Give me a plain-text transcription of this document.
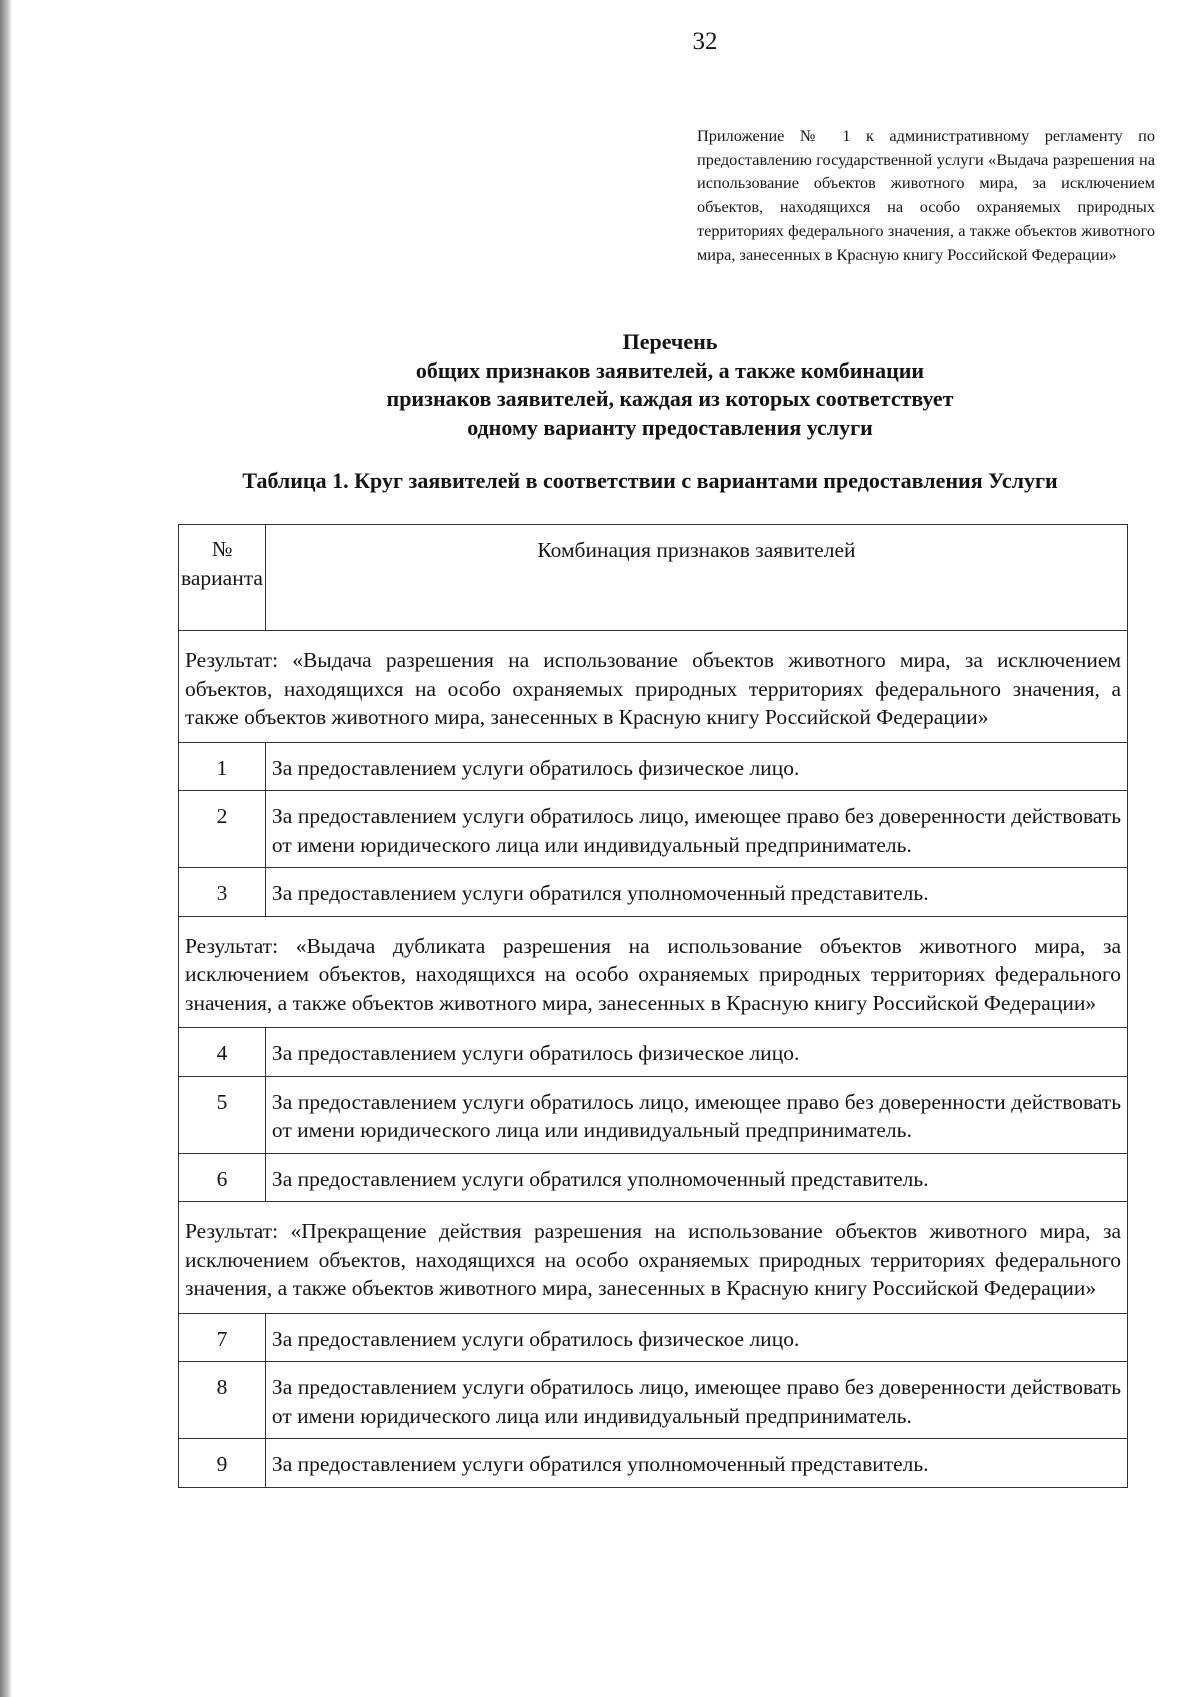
32
Приложение № 1 к административному регламенту по предоставлению государственной услуги «Выдача разрешения на использование объектов животного мира, за исключением объектов, находящихся на особо охраняемых природных территориях федерального значения, а также объектов животного мира, занесенных в Красную книгу Российской Федерации»
Перечень
общих признаков заявителей, а также комбинации
признаков заявителей, каждая из которых соответствует
одному варианту предоставления услуги
Таблица 1. Круг заявителей в соответствии с вариантами предоставления Услуги
№ варианта	Комбинация признаков заявителей
Результат: «Выдача разрешения на использование объектов животного мира, за исключением объектов, находящихся на особо охраняемых природных территориях федерального значения, а также объектов животного мира, занесенных в Красную книгу Российской Федерации»	
1	За предоставлением услуги обратилось физическое лицо.
2	За предоставлением услуги обратилось лицо, имеющее право без доверенности действовать от имени юридического лица или индивидуальный предприниматель.
3	За предоставлением услуги обратился уполномоченный представитель.
Результат: «Выдача дубликата разрешения на использование объектов животного мира, за исключением объектов, находящихся на особо охраняемых природных территориях федерального значения, а также объектов животного мира, занесенных в Красную книгу Российской Федерации»	
4	За предоставлением услуги обратилось физическое лицо.
5	За предоставлением услуги обратилось лицо, имеющее право без доверенности действовать от имени юридического лица или индивидуальный предприниматель.
6	За предоставлением услуги обратился уполномоченный представитель.
Результат: «Прекращение действия разрешения на использование объектов животного мира, за исключением объектов, находящихся на особо охраняемых природных территориях федерального значения, а также объектов животного мира, занесенных в Красную книгу Российской Федерации»	
7	За предоставлением услуги обратилось физическое лицо.
8	За предоставлением услуги обратилось лицо, имеющее право без доверенности действовать от имени юридического лица или индивидуальный предприниматель.
9	За предоставлением услуги обратился уполномоченный представитель.
